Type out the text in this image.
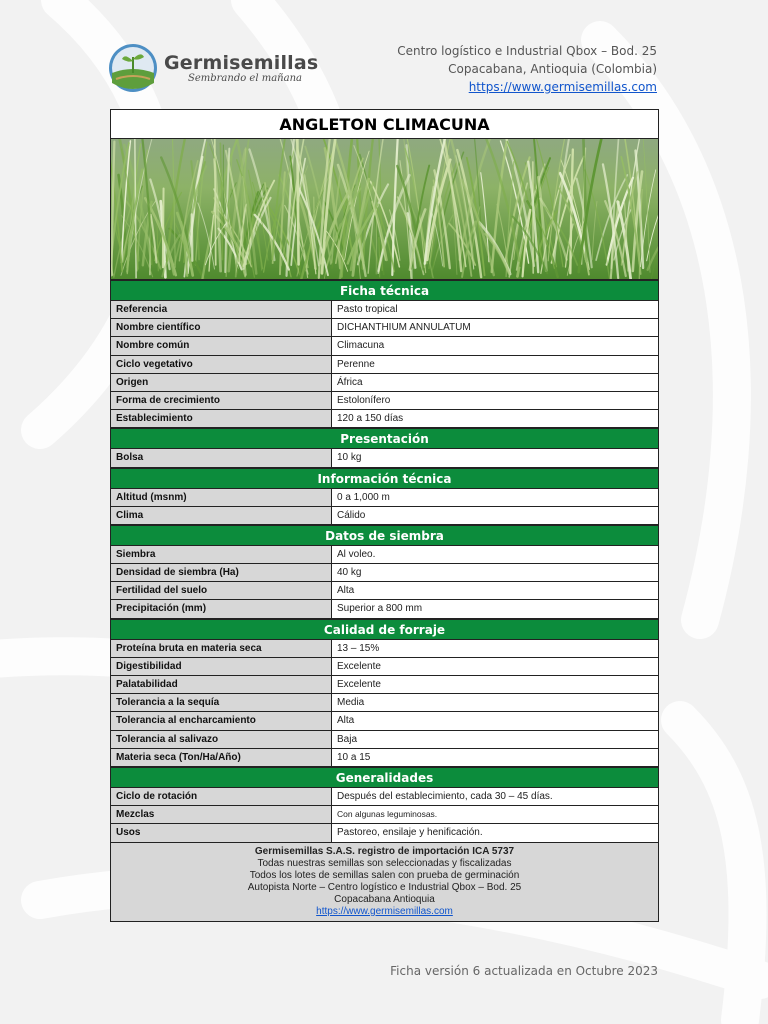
Germisemillas
Sembrando el mañana
Centro logístico e Industrial Qbox – Bod. 25
Copacabana, Antioquia (Colombia)
https://www.germisemillas.com
ANGLETON CLIMACUNA
Ficha técnica
Referencia	Pasto tropical
Nombre científico	DICHANTHIUM ANNULATUM
Nombre común	Climacuna
Ciclo vegetativo	Perenne
Origen	África
Forma de crecimiento	Estolonífero
Establecimiento	120 a 150 días
Presentación
Bolsa	10 kg
Información técnica
Altitud (msnm)	0 a 1,000 m
Clima	Cálido
Datos de siembra
Siembra	Al voleo.
Densidad de siembra (Ha)	40 kg
Fertilidad del suelo	Alta
Precipitación (mm)	Superior a 800 mm
Calidad de forraje
Proteína bruta en materia seca	13 – 15%
Digestibilidad	Excelente
Palatabilidad	Excelente
Tolerancia a la sequía	Media
Tolerancia al encharcamiento	Alta
Tolerancia al salivazo	Baja
Materia seca (Ton/Ha/Año)	10 a 15
Generalidades
Ciclo de rotación	Después del establecimiento, cada 30 – 45 días.
Mezclas	Con algunas leguminosas.
Usos	Pastoreo, ensilaje y henificación.
Germisemillas S.A.S. registro de importación ICA 5737
Todas nuestras semillas son seleccionadas y fiscalizadas
Todos los lotes de semillas salen con prueba de germinación
Autopista Norte – Centro logístico e Industrial Qbox – Bod. 25
Copacabana Antioquia
https://www.germisemillas.com
Ficha versión 6 actualizada en Octubre 2023
